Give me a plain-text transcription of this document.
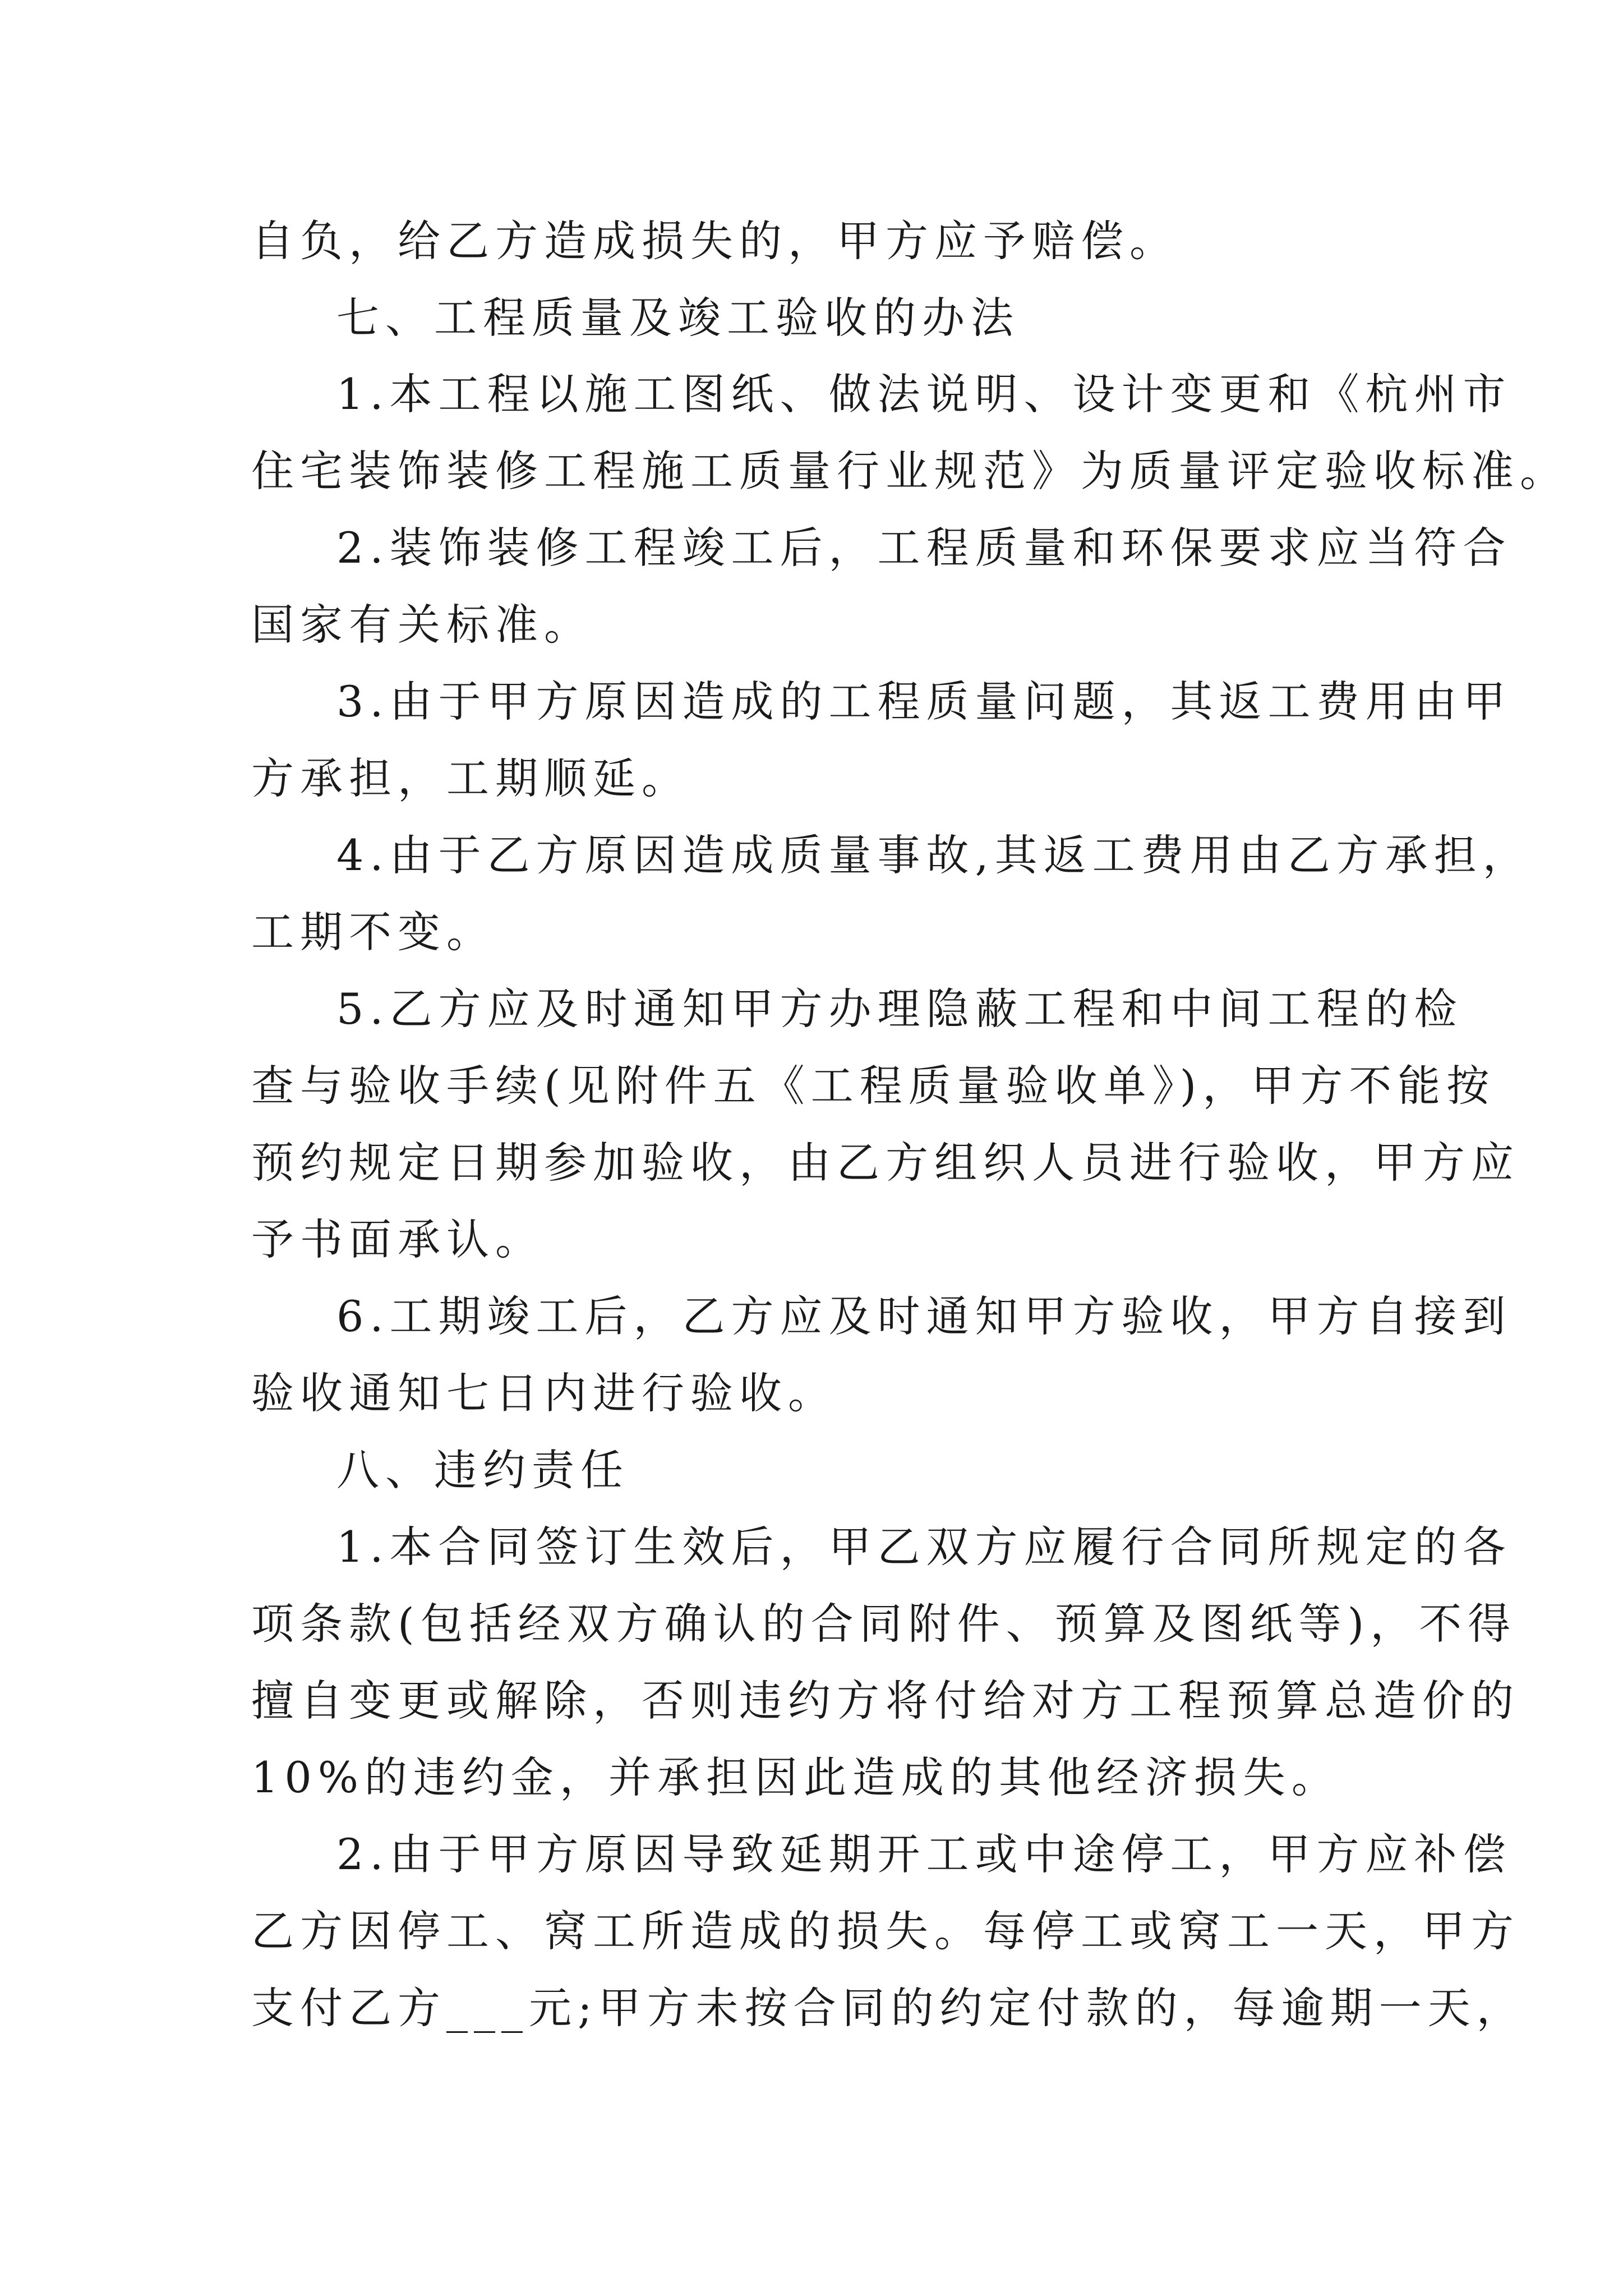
自负，给乙方造成损失的，甲方应予赔偿。
七、工程质量及竣工验收的办法
1.本工程以施工图纸、做法说明、设计变更和《杭州市
住宅装饰装修工程施工质量行业规范》为质量评定验收标准。
2.装饰装修工程竣工后，工程质量和环保要求应当符合
国家有关标准。
3.由于甲方原因造成的工程质量问题，其返工费用由甲
方承担，工期顺延。
4.由于乙方原因造成质量事故,其返工费用由乙方承担，
工期不变。
5.乙方应及时通知甲方办理隐蔽工程和中间工程的检
查与验收手续(见附件五《工程质量验收单》)，甲方不能按
预约规定日期参加验收，由乙方组织人员进行验收，甲方应
予书面承认。
6.工期竣工后，乙方应及时通知甲方验收，甲方自接到
验收通知七日内进行验收。
八、违约责任
1.本合同签订生效后，甲乙双方应履行合同所规定的各
项条款(包括经双方确认的合同附件、预算及图纸等)，不得
擅自变更或解除，否则违约方将付给对方工程预算总造价的
10%的违约金，并承担因此造成的其他经济损失。
2.由于甲方原因导致延期开工或中途停工，甲方应补偿
乙方因停工、窝工所造成的损失。每停工或窝工一天，甲方
支付乙方___元;甲方未按合同的约定付款的，每逾期一天，
